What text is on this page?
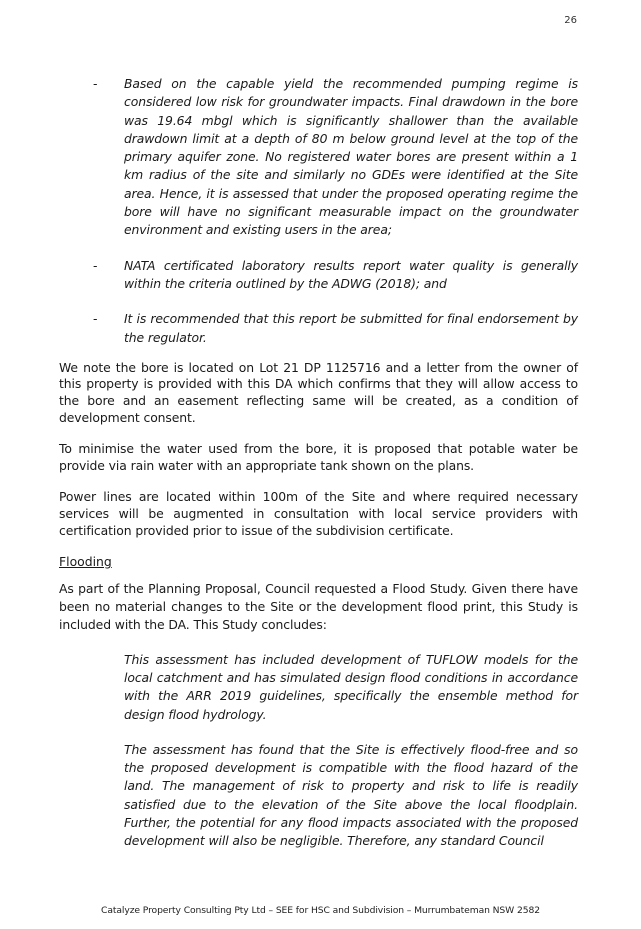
26
-	Based on the capable yield the recommended pumping regime is considered low risk for groundwater impacts. Final drawdown in the bore was 19.64 mbgl which is significantly shallower than the available drawdown limit at a depth of 80 m below ground level at the top of the primary aquifer zone. No registered water bores are present within a 1 km radius of the site and similarly no GDEs were identified at the Site area. Hence, it is assessed that under the proposed operating regime the bore will have no significant measurable impact on the groundwater environment and existing users in the area;
-	NATA certificated laboratory results report water quality is generally within the criteria outlined by the ADWG (2018); and
-	It is recommended that this report be submitted for final endorsement by the regulator.

We note the bore is located on Lot 21 DP 1125716 and a letter from the owner of this property is provided with this DA which confirms that they will allow access to the bore and an easement reflecting same will be created, as a condition of development consent.

To minimise the water used from the bore, it is proposed that potable water be provide via rain water with an appropriate tank shown on the plans.

Power lines are located within 100m of the Site and where required necessary services will be augmented in consultation with local service providers with certification provided prior to issue of the subdivision certificate.

Flooding

As part of the Planning Proposal, Council requested a Flood Study. Given there have been no material changes to the Site or the development flood print, this Study is included with the DA. This Study concludes:

This assessment has included development of TUFLOW models for the local catchment and has simulated design flood conditions in accordance with the ARR 2019 guidelines, specifically the ensemble method for design flood hydrology.
The assessment has found that the Site is effectively flood-free and so the proposed development is compatible with the flood hazard of the land. The management of risk to property and risk to life is readily satisfied due to the elevation of the Site above the local floodplain. Further, the potential for any flood impacts associated with the proposed development will also be negligible. Therefore, any standard Council
Catalyze Property Consulting Pty Ltd – SEE for HSC and Subdivision – Murrumbateman NSW 2582
